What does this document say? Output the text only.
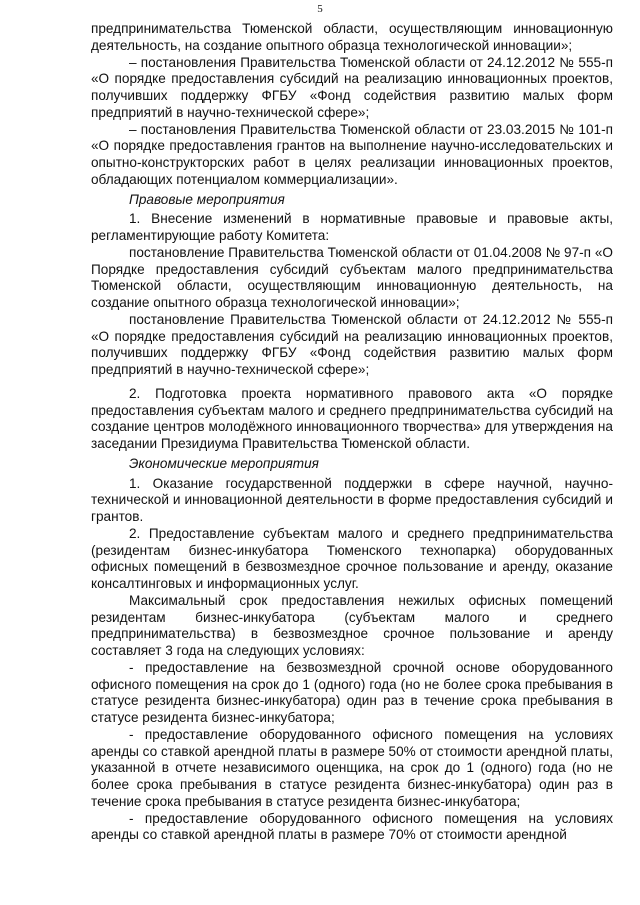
5

предпринимательства Тюменской области, осуществляющим инновационную деятельность, на создание опытного образца технологической инновации»;

– постановления Правительства Тюменской области от 24.12.2012 № 555-п «О порядке предоставления субсидий на реализацию инновационных проектов, получивших поддержку ФГБУ «Фонд содействия развитию малых форм предприятий в научно-технической сфере»;

– постановления Правительства Тюменской области от 23.03.2015 № 101-п «О порядке предоставления грантов на выполнение научно-исследовательских и опытно-конструкторских работ в целях реализации инновационных проектов, обладающих потенциалом коммерциализации».

Правовые мероприятия

1. Внесение изменений в нормативные правовые и правовые акты, регламентирующие работу Комитета:

постановление Правительства Тюменской области от 01.04.2008 № 97-п «О Порядке предоставления субсидий субъектам малого предпринимательства Тюменской области, осуществляющим инновационную деятельность, на создание опытного образца технологической инновации»;

постановление Правительства Тюменской области от 24.12.2012 № 555-п «О порядке предоставления субсидий на реализацию инновационных проектов, получивших поддержку ФГБУ «Фонд содействия развитию малых форм предприятий в научно-технической сфере»;

2. Подготовка проекта нормативного правового акта «О порядке предоставления субъектам малого и среднего предпринимательства субсидий на создание центров молодёжного инновационного творчества» для утверждения на заседании Президиума Правительства Тюменской области.

Экономические мероприятия

1. Оказание государственной поддержки в сфере научной, научно-технической и инновационной деятельности в форме предоставления субсидий и грантов.

2. Предоставление субъектам малого и среднего предпринимательства (резидентам бизнес-инкубатора Тюменского технопарка) оборудованных офисных помещений в безвозмездное срочное пользование и аренду, оказание консалтинговых и информационных услуг.

Максимальный срок предоставления нежилых офисных помещений резидентам бизнес-инкубатора (субъектам малого и среднего предпринимательства) в безвозмездное срочное пользование и аренду составляет 3 года на следующих условиях:

- предоставление на безвозмездной срочной основе оборудованного офисного помещения на срок до 1 (одного) года (но не более срока пребывания в статусе резидента бизнес-инкубатора) один раз в течение срока пребывания в статусе резидента бизнес-инкубатора;

- предоставление оборудованного офисного помещения на условиях аренды со ставкой арендной платы в размере 50% от стоимости арендной платы, указанной в отчете независимого оценщика, на срок до 1 (одного) года (но не более срока пребывания в статусе резидента бизнес-инкубатора) один раз в течение срока пребывания в статусе резидента бизнес-инкубатора;

- предоставление оборудованного офисного помещения на условиях аренды со ставкой арендной платы в размере 70% от стоимости арендной
